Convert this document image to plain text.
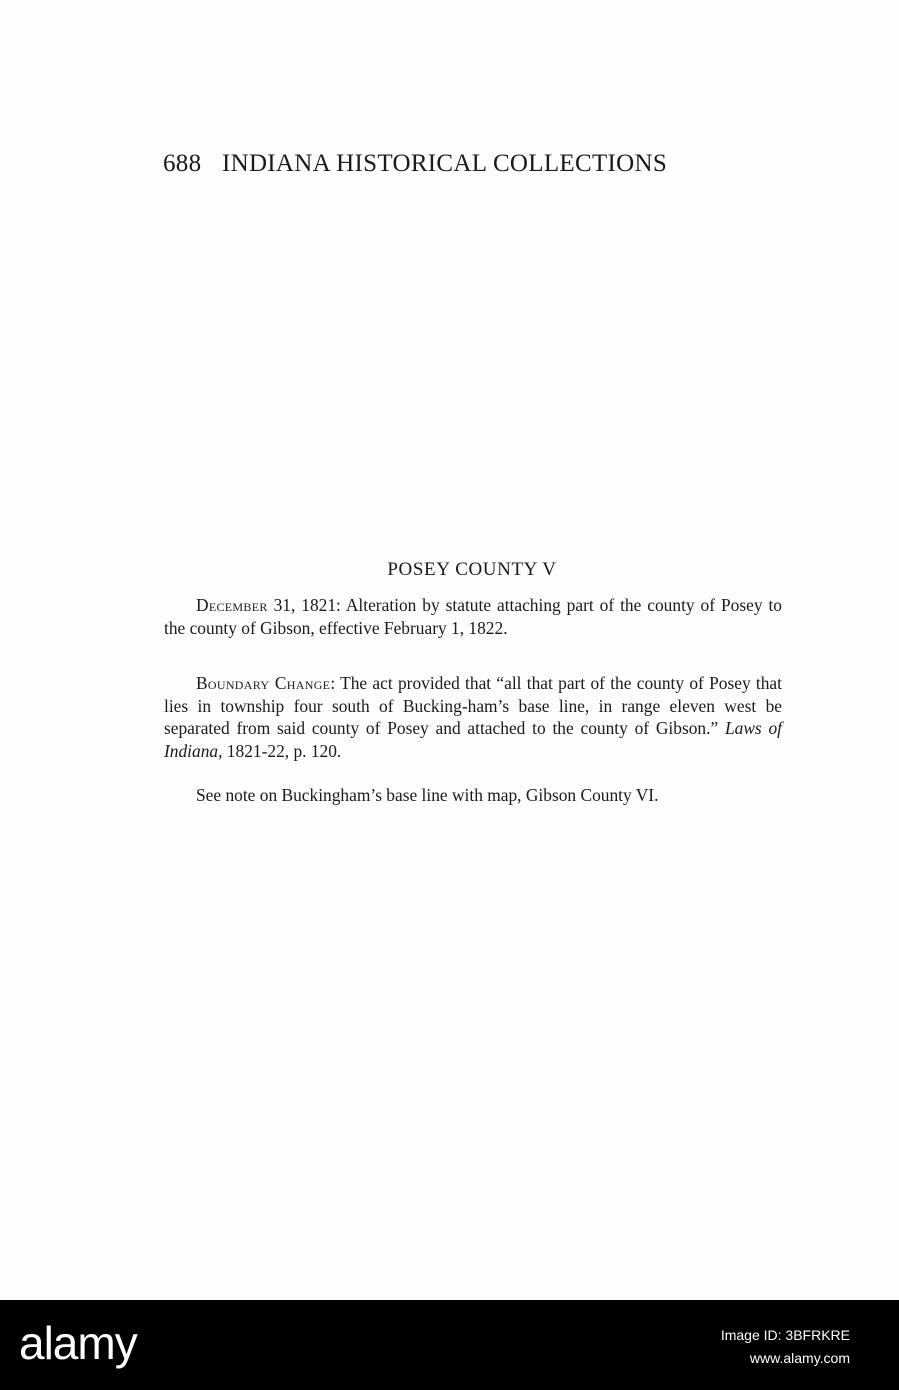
688 INDIANA HISTORICAL COLLECTIONS
POSEY COUNTY V
December 31, 1821: Alteration by statute attaching part of the county of Posey to the county of Gibson, effective February 1, 1822.
Boundary Change: The act provided that “all that part of the county of Posey that lies in township four south of Bucking-ham’s base line, in range eleven west be separated from said county of Posey and attached to the county of Gibson.” Laws of Indiana, 1821-22, p. 120.
See note on Buckingham’s base line with map, Gibson County VI.
alamy	Image ID: 3BFRKRE
www.alamy.com
